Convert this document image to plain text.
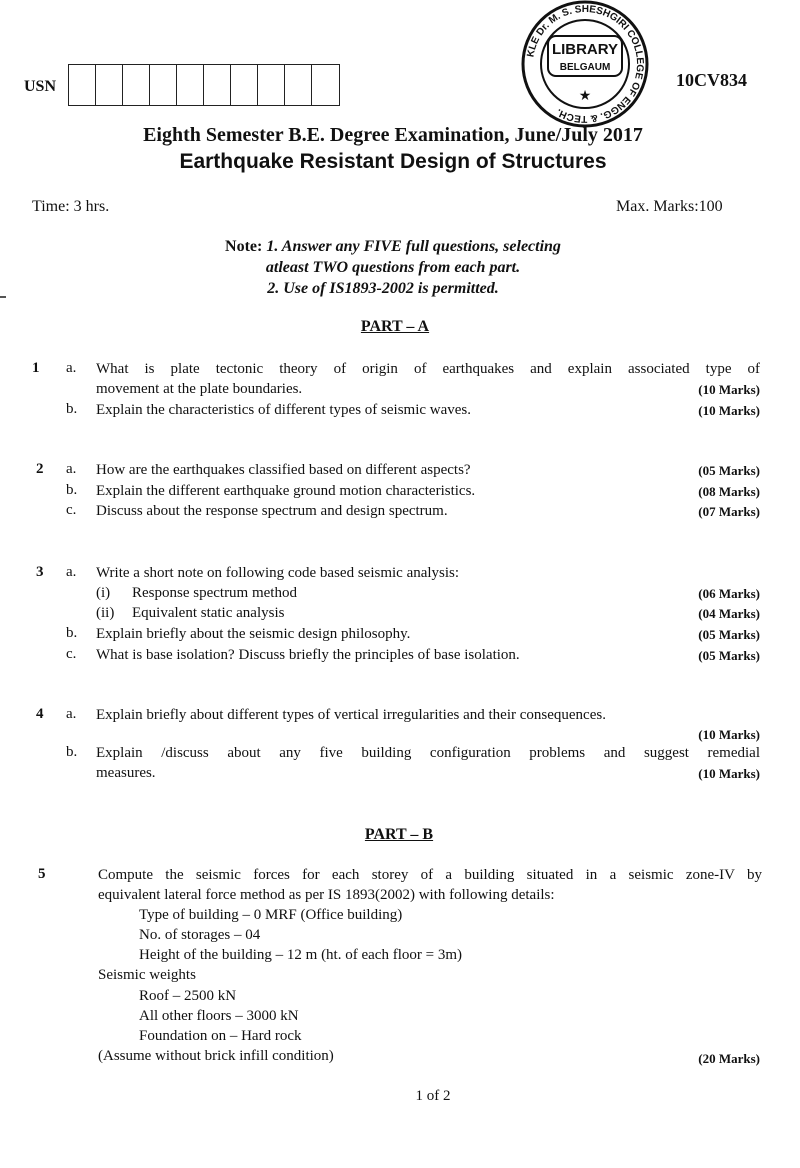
USN
KLE Dr. M. S. SHESHGIRI COLLEGE OF ENGG. & TECH.
LIBRARY
BELGAUM
★
10CV834
Eighth Semester B.E. Degree Examination, June/July 2017
Earthquake Resistant Design of Structures
Time: 3 hrs.	Max. Marks:100
Note: 1. Answer any FIVE full questions, selecting
atleast TWO questions from each part.
2. Use of IS1893-2002 is permitted.
PART – A
1 a. What is plate tectonic theory of origin of earthquakes and explain associated type of
movement at the plate boundaries.	(10 Marks)
b. Explain the characteristics of different types of seismic waves.	(10 Marks)
2 a. How are the earthquakes classified based on different aspects?	(05 Marks)
b. Explain the different earthquake ground motion characteristics.	(08 Marks)
c. Discuss about the response spectrum and design spectrum.	(07 Marks)
3 a. Write a short note on following code based seismic analysis:
(i) Response spectrum method	(06 Marks)
(ii) Equivalent static analysis	(04 Marks)
b. Explain briefly about the seismic design philosophy.	(05 Marks)
c. What is base isolation? Discuss briefly the principles of base isolation.	(05 Marks)
4 a. Explain briefly about different types of vertical irregularities and their consequences.
(10 Marks)
b. Explain /discuss about any five building configuration problems and suggest remedial
measures.	(10 Marks)
PART – B
5	Compute the seismic forces for each storey of a building situated in a seismic zone-IV by
equivalent lateral force method as per IS 1893(2002) with following details:
Type of building – 0 MRF (Office building)
No. of storages – 04
Height of the building – 12 m (ht. of each floor = 3m)
Seismic weights
Roof – 2500 kN
All other floors – 3000 kN
Foundation on – Hard rock
(Assume without brick infill condition)	(20 Marks)
1 of 2
